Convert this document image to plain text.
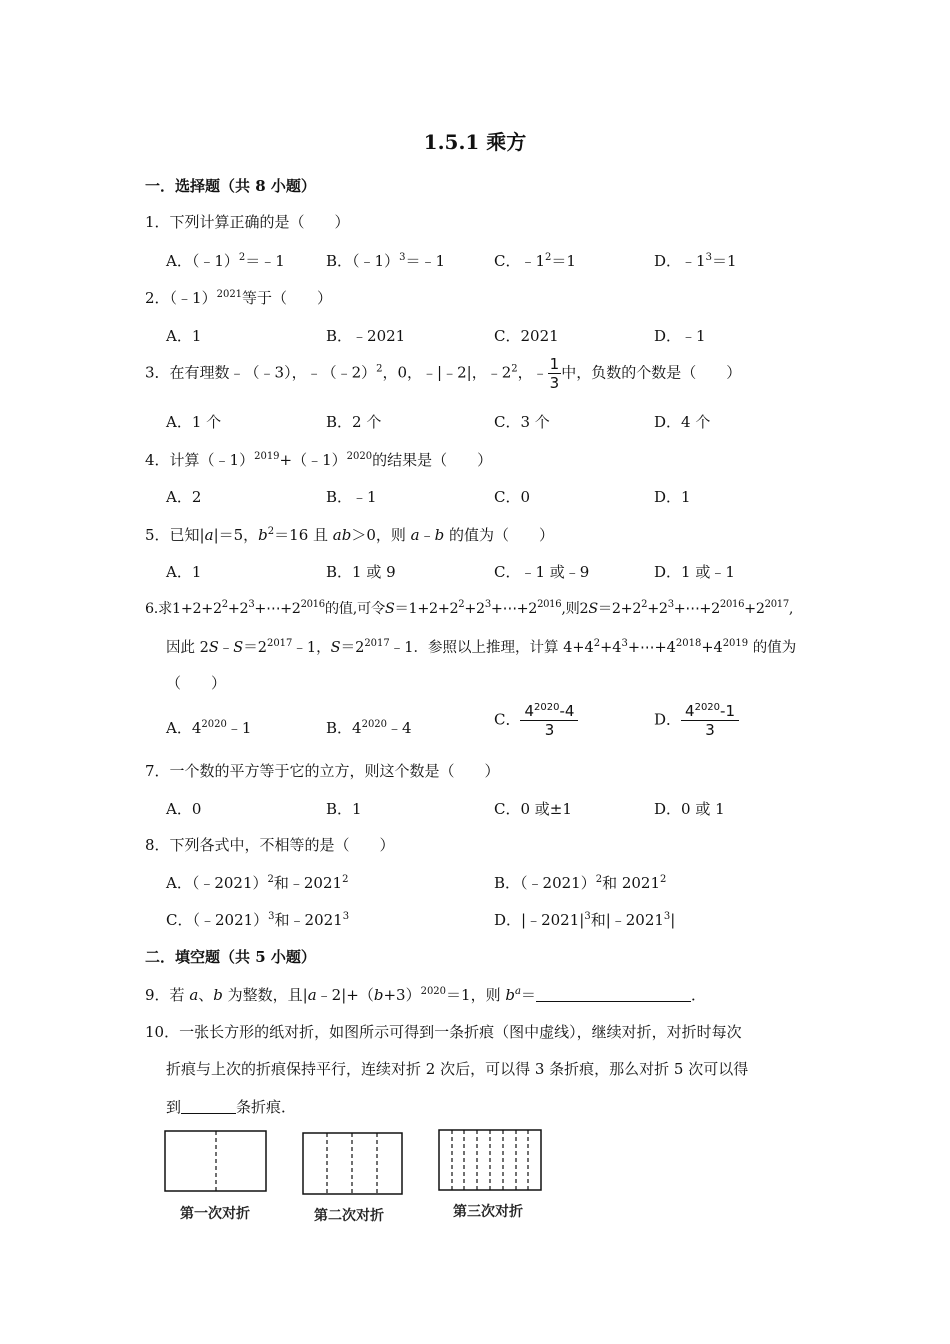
1.5.1 乘方
一．选择题（共 8 小题）
1．下列计算正确的是（　　）
A．（﹣1）$^2$＝﹣1	B．（﹣1）$^3$＝﹣1	C．$﹣1^2=1$	D．$﹣1^3=1$
2．（﹣1）$^{2021}$等于（　　）
A．1	B．﹣2021	C．2021	D．﹣1
3．在有理数﹣（﹣3），﹣（﹣2）$^2$，0，﹣|﹣2|，$﹣2^2$，﹣ $\frac{1}{3}$ 中，负数的个数是（　　）
A．1 个	B．2 个	C．3 个	D．4 个
4．计算（﹣1）$^{2019}$+（﹣1）$^{2020}$的结果是（　　）
A．2	B．﹣1	C．0	D．1
5．已知|a|＝5，$b^2=16$ 且 ab＞0，则 a﹣b 的值为（　　）
A．1	B．1 或 9	C．﹣1 或﹣9	D．1 或﹣1
6.求$1+2+2^2+2^3+\cdots+2^{2016}$的值,可令$S=1+2+2^2+2^3+\cdots+2^{2016}$,则$2S=2+2^2+2^3+\cdots+2^{2016}+2^{2017}$,
因此 $2S﹣S=2^{2017}﹣1$，$S=2^{2017}﹣1$．参照以上推理，计算 $4+4^2+4^3+\cdots+4^{2018}+4^{2019}$ 的值为
（　　）
A．$4^{2020}﹣1$	B．$4^{2020}﹣4$	C． $\frac{4^{2020}-4}{3}$	D． $\frac{4^{2020}-1}{3}$
7．一个数的平方等于它的立方，则这个数是（　　）
A．0	B．1	C．0 或±1	D．0 或 1
8．下列各式中，不相等的是（　　）
A．（﹣2021）$^2$和﹣2021$^2$	B．（﹣2021）$^2$和 2021$^2$
C．（﹣2021）$^3$和﹣2021$^3$	D．$|﹣2021|^3$和|﹣2021$^3$|
二．填空题（共 5 小题）
9．若 a、b 为整数，且$|a﹣2|+(b+3)^{2020}=1$，则 $b^a=$	．
10．一张长方形的纸对折，如图所示可得到一条折痕（图中虚线），继续对折，对折时每次
折痕与上次的折痕保持平行，连续对折 2 次后，可以得 3 条折痕，那么对折 5 次可以得
到	条折痕．
第一次对折	第二次对折	第三次对折
